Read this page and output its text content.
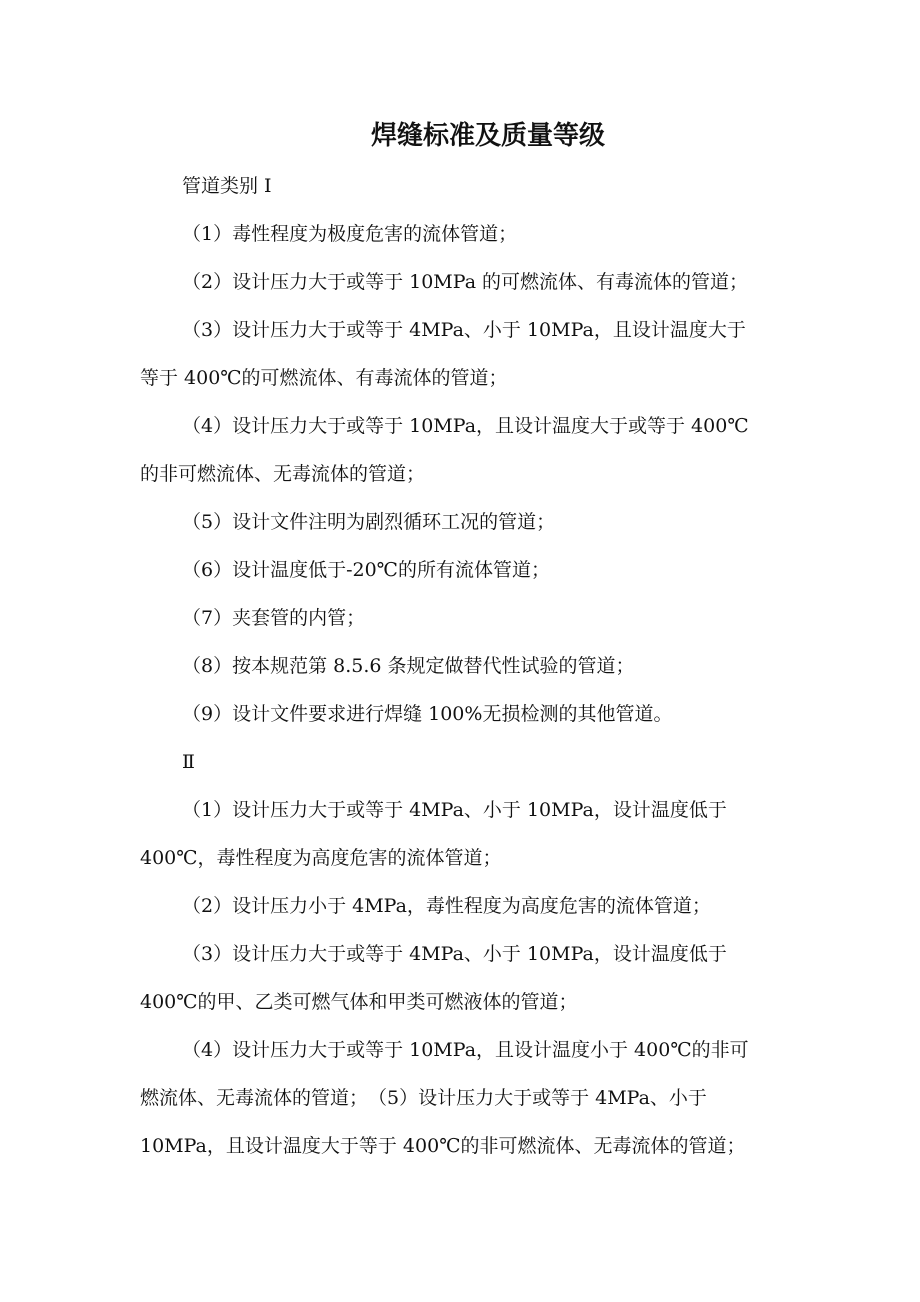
焊缝标准及质量等级
管道类别 Ⅰ
（1）毒性程度为极度危害的流体管道；
（2）设计压力大于或等于 10MPa 的可燃流体、有毒流体的管道；
（3）设计压力大于或等于 4MPa、小于 10MPa，且设计温度大于
等于 400℃的可燃流体、有毒流体的管道；
（4）设计压力大于或等于 10MPa，且设计温度大于或等于 400℃
的非可燃流体、无毒流体的管道；
（5）设计文件注明为剧烈循环工况的管道；
（6）设计温度低于-20℃的所有流体管道；
（7）夹套管的内管；
（8）按本规范第 8.5.6 条规定做替代性试验的管道；
（9）设计文件要求进行焊缝 100%无损检测的其他管道。
Ⅱ
（1）设计压力大于或等于 4MPa、小于 10MPa，设计温度低于
400℃，毒性程度为高度危害的流体管道；
（2）设计压力小于 4MPa，毒性程度为高度危害的流体管道；
（3）设计压力大于或等于 4MPa、小于 10MPa，设计温度低于
400℃的甲、乙类可燃气体和甲类可燃液体的管道；
（4）设计压力大于或等于 10MPa，且设计温度小于 400℃的非可
燃流体、无毒流体的管道；　（5）设计压力大于或等于 4MPa、小于
10MPa，且设计温度大于等于 400℃的非可燃流体、无毒流体的管道；
